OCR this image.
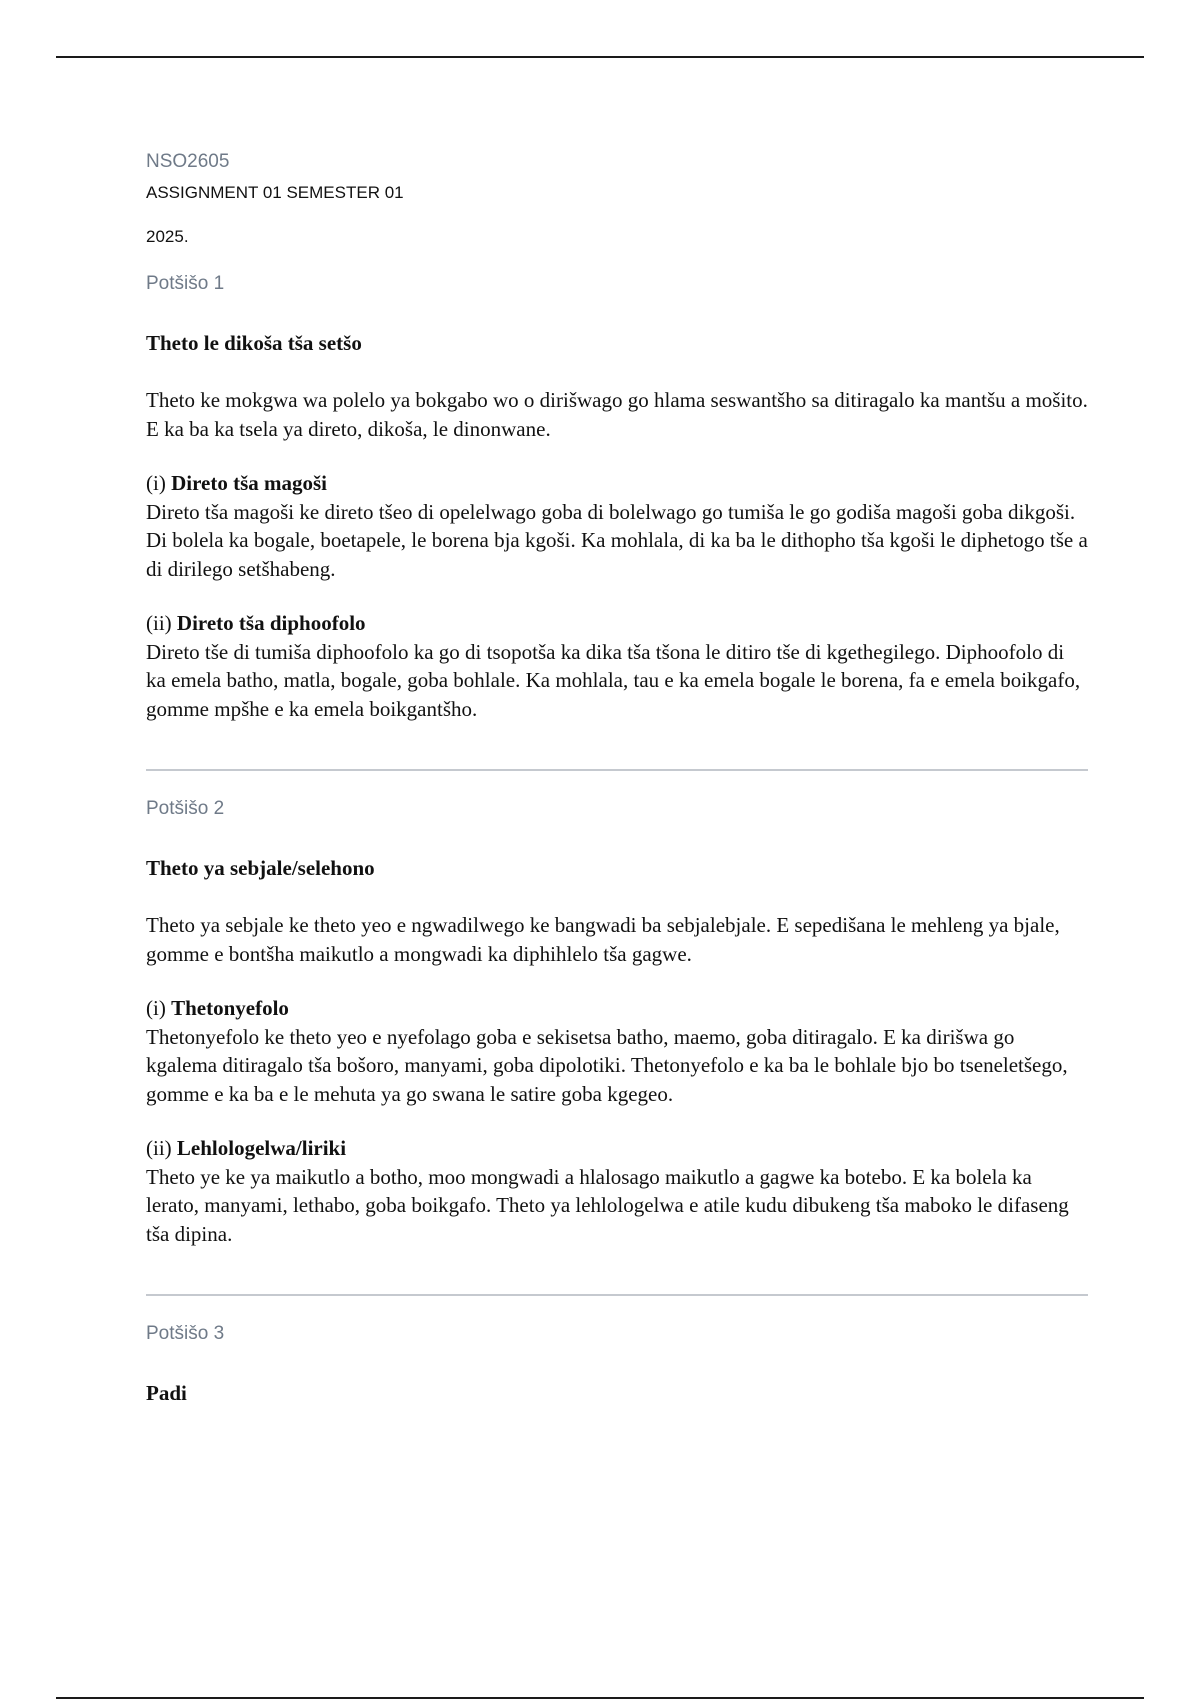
NSO2605

ASSIGNMENT 01 SEMESTER 01

2025.

Potšišo 1

Theto le dikoša tša setšo

Theto ke mokgwa wa polelo ya bokgabo wo o dirišwago go hlama seswantšho sa ditiragalo ka mantšu a mošito. E ka ba ka tsela ya direto, dikoša, le dinonwane.

(i) Direto tša magoši

Direto tša magoši ke direto tšeo di opelelwago goba di bolelwago go tumiša le go godiša magoši goba dikgoši. Di bolela ka bogale, boetapele, le borena bja kgoši. Ka mohlala, di ka ba le dithopho tša kgoši le diphetogo tše a di dirilego setšhabeng.

(ii) Direto tša diphoofolo

Direto tše di tumiša diphoofolo ka go di tsopotša ka dika tša tšona le ditiro tše di kgethegilego. Diphoofolo di ka emela batho, matla, bogale, goba bohlale. Ka mohlala, tau e ka emela bogale le borena, fa e emela boikgafo, gomme mpšhe e ka emela boikgantšho.

Potšišo 2

Theto ya sebjale/selehono

Theto ya sebjale ke theto yeo e ngwadilwego ke bangwadi ba sebjalebjale. E sepedišana le mehleng ya bjale, gomme e bontšha maikutlo a mongwadi ka diphihlelo tša gagwe.

(i) Thetonyefolo

Thetonyefolo ke theto yeo e nyefolago goba e sekisetsa batho, maemo, goba ditiragalo. E ka dirišwa go kgalema ditiragalo tša bošoro, manyami, goba dipolotiki. Thetonyefolo e ka ba le bohlale bjo bo tseneletšego, gomme e ka ba e le mehuta ya go swana le satire goba kgegeo.

(ii) Lehlologelwa/liriki

Theto ye ke ya maikutlo a botho, moo mongwadi a hlalosago maikutlo a gagwe ka botebo. E ka bolela ka lerato, manyami, lethabo, goba boikgafo. Theto ya lehlologelwa e atile kudu dibukeng tša maboko le difaseng tša dipina.

Potšišo 3

Padi
